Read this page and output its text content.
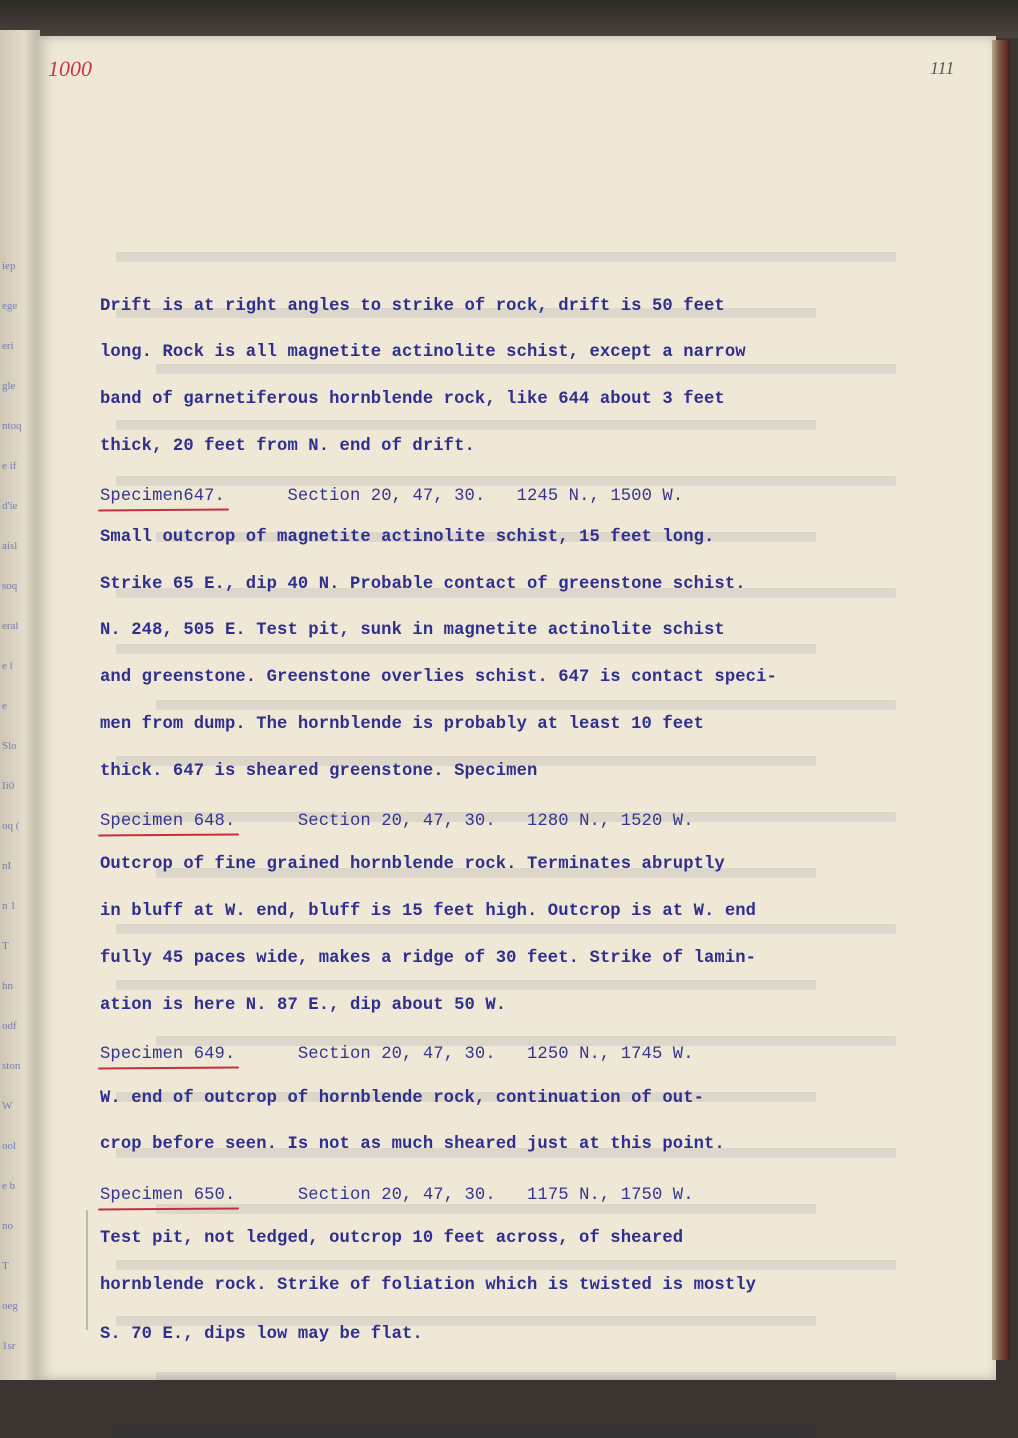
iep
ege
eri
gle
ntoq
e if
d'ie
aisl
soq
eral
e l
e
Slo
Ii0
oq (
nI
n 1
T
hn
odf
ston
W
ool
e b
no
T
oeg
1sr
1000	111
Drift is at right angles to strike of rock, drift is 50 feet
long. Rock is all magnetite actinolite schist, except a narrow
band of garnetiferous hornblende rock, like 644 about 3 feet
thick, 20 feet from N. end of drift.
Specimen647.	Section 20, 47, 30.   1245 N., 1500 W.
Small outcrop of magnetite actinolite schist, 15 feet long.
Strike 65 E., dip 40 N. Probable contact of greenstone schist.
N. 248, 505 E. Test pit, sunk in magnetite actinolite schist
and greenstone. Greenstone overlies schist. 647 is contact speci-
men from dump. The hornblende is probably at least 10 feet
thick. 647 is sheared greenstone. Specimen
Specimen 648.	Section 20, 47, 30.   1280 N., 1520 W.
Outcrop of fine grained hornblende rock. Terminates abruptly
in bluff at W. end, bluff is 15 feet high. Outcrop is at W. end
fully 45 paces wide, makes a ridge of 30 feet. Strike of lamin-
ation is here N. 87 E., dip about 50 W.
Specimen 649.	Section 20, 47, 30.   1250 N., 1745 W.
W. end of outcrop of hornblende rock, continuation of out-
crop before seen. Is not as much sheared just at this point.
Specimen 650.	Section 20, 47, 30.   1175 N., 1750 W.
Test pit, not ledged, outcrop 10 feet across, of sheared
hornblende rock. Strike of foliation which is twisted is mostly
S. 70 E., dips low may be flat.
